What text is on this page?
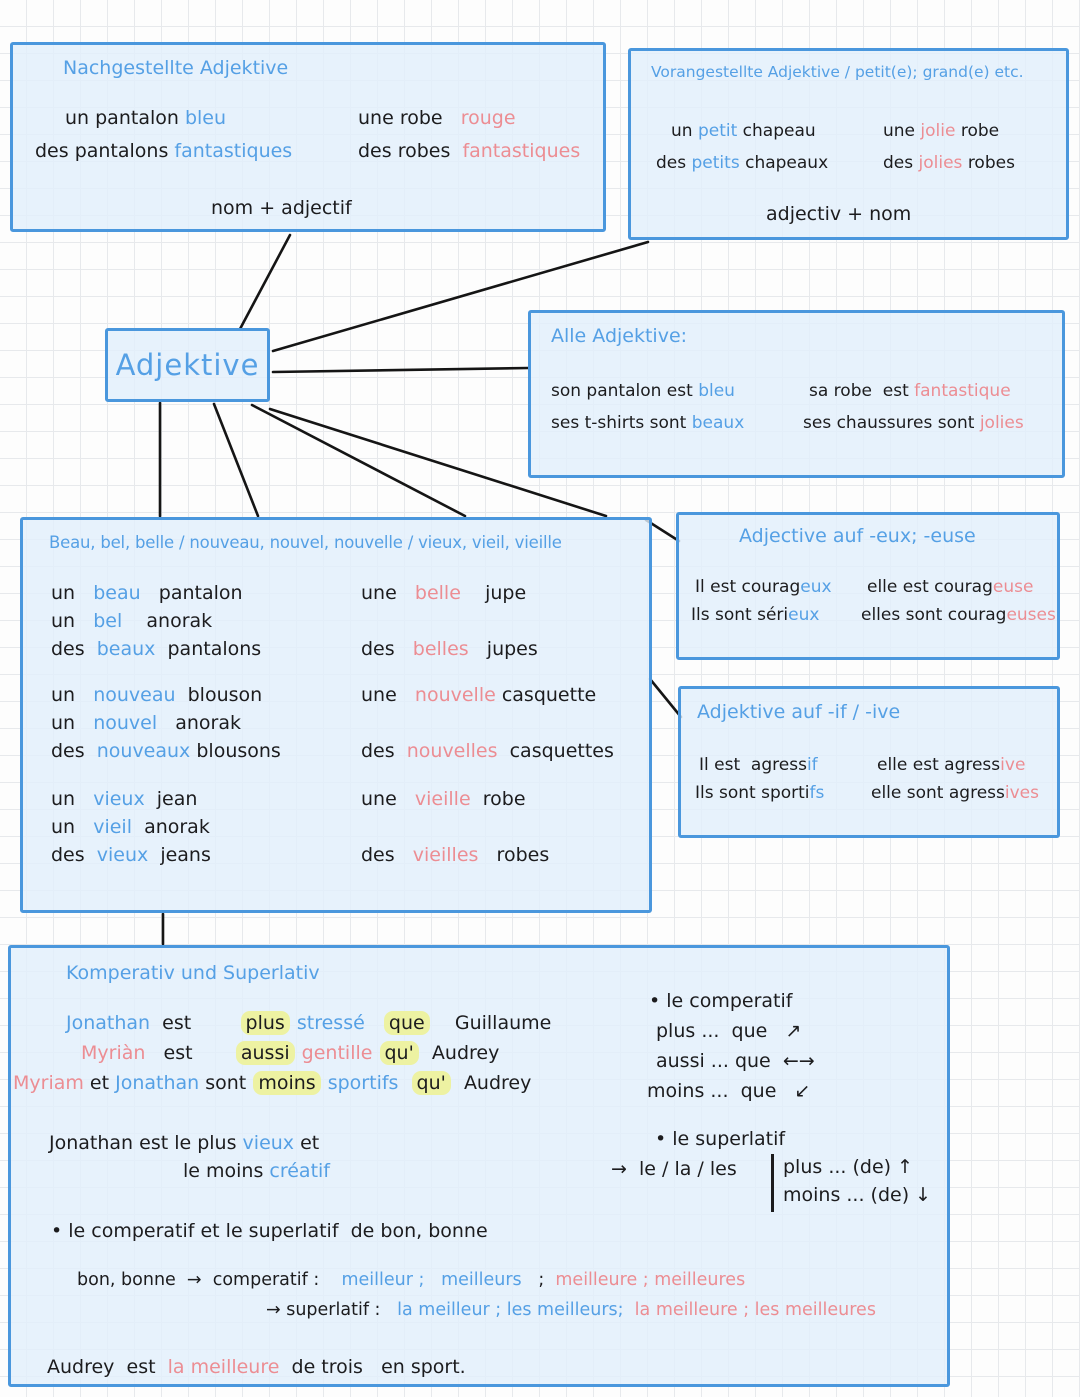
Nachgestellte Adjektive
un pantalon bleu
des pantalons fantastiques
une robe   rouge
des robes  fantastiques
nom + adjectif
Vorangestellte Adjektive / petit(e); grand(e) etc.
un petit chapeau
des petits chapeaux
une jolie robe
des jolies robes
adjectiv + nom
Adjektive
Alle Adjektive:
son pantalon est bleu
ses t-shirts sont beaux
sa robe  est fantastique
ses chaussures sont jolies
Beau, bel, belle / nouveau, nouvel, nouvelle / vieux, vieil, vieille
un   beau   pantalon
un   bel    anorak
des  beaux  pantalons
un   nouveau  blouson
un   nouvel   anorak
des  nouveaux blousons
un   vieux  jean
un   vieil  anorak
des  vieux  jeans
une   belle    jupe
des   belles   jupes
une   nouvelle casquette
des  nouvelles  casquettes
une   vieille  robe
des   vieilles   robes
Adjective auf -eux; -euse
Il est courageux
Ils sont sérieux
elle est courageuse
elles sont courageuses
Adjektive auf -if / -ive
Il est  agressif
Ils sont sportifs
elle est agressive
elle sont agressives
Komperativ und Superlativ
Jonathan  est        plus stressé que    Guillaume
Myriàn   est       aussi gentille qu'  Audrey
Myriam et Jonathan sont moins sportifs qu'  Audrey
• le comperatif
plus ...  que   ↗
aussi ... que  ←→
moins ...  que   ↙
Jonathan est le plus vieux et
le moins créatif
• le superlatif
→  le / la / les plus ... (de) ↑
moins ... (de) ↓
• le comperatif et le superlatif  de bon, bonne
bon, bonne  →  comperatif :    meilleur ;   meilleurs   ;  meilleure ; meilleures
→ superlatif :   la meilleur ; les meilleurs; la meilleure ; les meilleures
Audrey  est  la meilleure  de trois   en sport.
